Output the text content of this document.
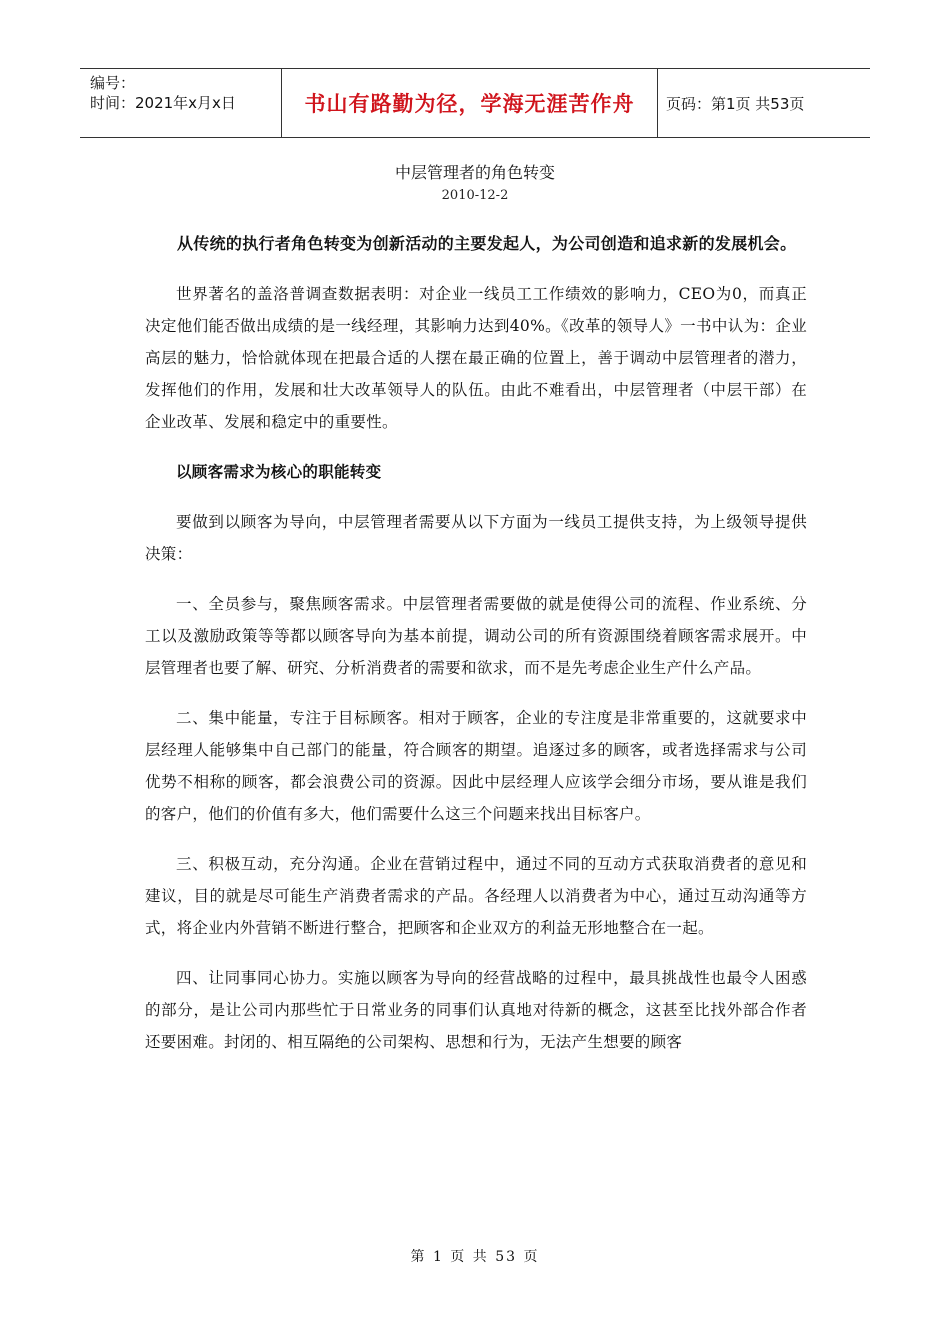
编号：
时间：2021年x月x日	书山有路勤为径，学海无涯苦作舟	页码：第1页 共53页
中层管理者的角色转变
2010-12-2

从传统的执行者角色转变为创新活动的主要发起人，为公司创造和追求新的发展机会。

世界著名的盖洛普调查数据表明：对企业一线员工工作绩效的影响力，CEO为0，而真正决定他们能否做出成绩的是一线经理，其影响力达到40%。《改革的领导人》一书中认为：企业高层的魅力，恰恰就体现在把最合适的人摆在最正确的位置上，善于调动中层管理者的潜力，发挥他们的作用，发展和壮大改革领导人的队伍。由此不难看出，中层管理者（中层干部）在企业改革、发展和稳定中的重要性。

以顾客需求为核心的职能转变

要做到以顾客为导向，中层管理者需要从以下方面为一线员工提供支持，为上级领导提供决策：

一、全员参与，聚焦顾客需求。中层管理者需要做的就是使得公司的流程、作业系统、分工以及激励政策等等都以顾客导向为基本前提，调动公司的所有资源围绕着顾客需求展开。中层管理者也要了解、研究、分析消费者的需要和欲求，而不是先考虑企业生产什么产品。

二、集中能量，专注于目标顾客。相对于顾客，企业的专注度是非常重要的，这就要求中层经理人能够集中自己部门的能量，符合顾客的期望。追逐过多的顾客，或者选择需求与公司优势不相称的顾客，都会浪费公司的资源。因此中层经理人应该学会细分市场，要从谁是我们的客户，他们的价值有多大，他们需要什么这三个问题来找出目标客户。

三、积极互动，充分沟通。企业在营销过程中，通过不同的互动方式获取消费者的意见和建议，目的就是尽可能生产消费者需求的产品。各经理人以消费者为中心，通过互动沟通等方式，将企业内外营销不断进行整合，把顾客和企业双方的利益无形地整合在一起。

四、让同事同心协力。实施以顾客为导向的经营战略的过程中，最具挑战性也最令人困惑的部分，是让公司内那些忙于日常业务的同事们认真地对待新的概念，这甚至比找外部合作者还要困难。封闭的、相互隔绝的公司架构、思想和行为，无法产生想要的顾客

第 1 页 共 53 页
